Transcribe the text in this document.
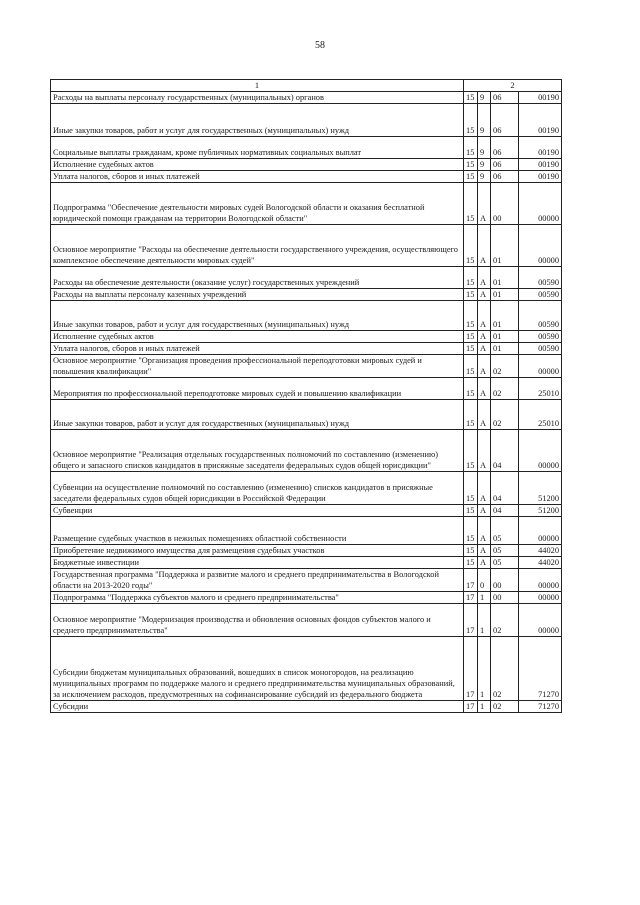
58
1	2			
Расходы на выплаты персоналу государственных (муниципальных) органов	15	9	06	00190
Иные закупки товаров, работ и услуг для государственных (муниципальных) нужд	15	9	06	00190
Социальные выплаты гражданам, кроме публичных нормативных социальных выплат	15	9	06	00190
Исполнение судебных актов	15	9	06	00190
Уплата налогов, сборов и иных платежей	15	9	06	00190
Подпрограмма "Обеспечение деятельности мировых судей Вологодской области и оказания бесплатной юридической помощи гражданам на территории Вологодской области"	15	А	00	00000
Основное мероприятие "Расходы на обеспечение деятельности государственного учреждения, осуществляющего комплексное обеспечение деятельности мировых судей"	15	А	01	00000
Расходы на обеспечение деятельности (оказание услуг) государственных учреждений	15	А	01	00590
Расходы на выплаты персоналу казенных учреждений	15	А	01	00590
Иные закупки товаров, работ и услуг для государственных (муниципальных) нужд	15	А	01	00590
Исполнение судебных актов	15	А	01	00590
Уплата налогов, сборов и иных платежей	15	А	01	00590
Основное мероприятие "Организация проведения профессиональной переподготовки мировых судей и повышения квалификации"	15	А	02	00000
Мероприятия по профессиональной переподготовке мировых судей и повышению квалификации	15	А	02	25010
Иные закупки товаров, работ и услуг для государственных (муниципальных) нужд	15	А	02	25010
Основное мероприятие "Реализация отдельных государственных полномочий по составлению (изменению) общего и запасного списков кандидатов в присяжные заседатели федеральных судов общей юрисдикции"	15	А	04	00000
Субвенции на осуществление полномочий по составлению (изменению) списков кандидатов в присяжные заседатели федеральных судов общей юрисдикции в Российской Федерации	15	А	04	51200
Субвенции	15	А	04	51200
Размещение судебных участков в нежилых помещениях областной собственности	15	А	05	00000
Приобретение недвижимого имущества для размещения судебных участков	15	А	05	44020
Бюджетные инвестиции	15	А	05	44020
Государственная программа "Поддержка и развитие малого и среднего предпринимательства в Вологодской области на 2013-2020 годы"	17	0	00	00000
Подпрограмма "Поддержка субъектов малого и среднего предпринимательства"	17	1	00	00000
Основное мероприятие "Модернизация производства и обновления основных фондов субъектов малого и среднего предпринимательства"	17	1	02	00000
Субсидии бюджетам муниципальных образований, вошедших в список моногородов, на реализацию муниципальных программ по поддержке малого и среднего предпринимательства муниципальных образований, за исключением расходов, предусмотренных на софинансирование субсидий из федерального бюджета	17	1	02	71270
Субсидии	17	1	02	71270
